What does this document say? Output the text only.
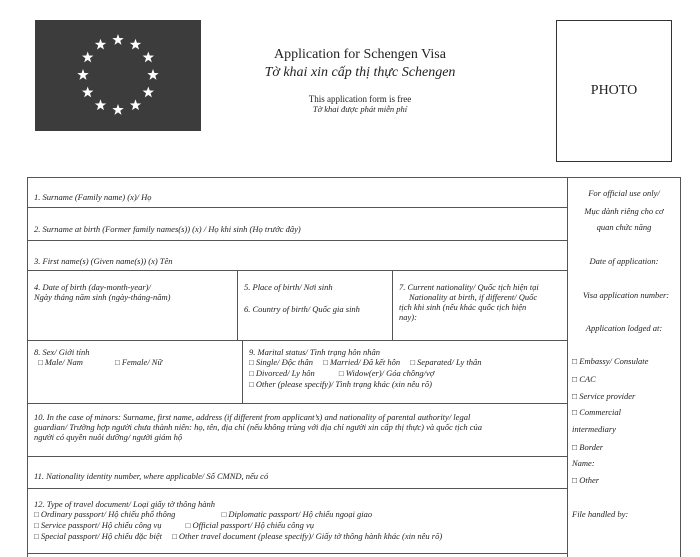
Application for Schengen Visa
Tờ khai xin cấp thị thực Schengen
This application form is free
Tờ khai được phát miễn phí
PHOTO
1. Surname (Family name) (x)/ Họ
2. Surname at birth (Former family names(s)) (x) / Họ khi sinh (Họ trước đây)
3. First name(s) (Given name(s)) (x) Tên
4. Date of birth (day-month-year)/
Ngày tháng năm sinh (ngày-tháng-năm)
5. Place of birth/ Nơi sinh
6. Country of birth/ Quốc gia sinh
7. Current nationality/ Quốc tịch hiện tại
Nationality at birth, if different/ Quốc
tịch khi sinh (nếu khác quốc tịch hiện
nay):
8. Sex/ Giới tính
□ Male/ Nam	□ Female/ Nữ
9. Marital status/ Tình trạng hôn nhân
□ Single/ Độc thân □ Married/ Đã kết hôn □ Separated/ Ly thân
□ Divorced/ Ly hôn	□ Widow(er)/ Góa chồng/vợ
□ Other (please specify)/ Tình trạng khác (xin nêu rõ)
10. In the case of minors: Surname, first name, address (if different from applicant’s) and nationality of parental authority/ legal
guardian/ Trường hợp người chưa thành niên: họ, tên, địa chỉ (nếu không trùng với địa chỉ người xin cấp thị thực) và quốc tịch của
người có quyền nuôi dưỡng/ người giám hộ
11. Nationality identity number, where applicable/ Số CMND, nếu có
12. Type of travel document/ Loại giấy tờ thông hành
□ Ordinary passport/ Hộ chiếu phổ thông	□ Diplomatic passport/ Hộ chiếu ngoại giao
□ Service passport/ Hộ chiếu công vụ	□ Official passport/ Hộ chiếu công vụ
□ Special passport/ Hộ chiếu đặc biệt □ Other travel document (please specify)/ Giấy tờ thông hành khác (xin nêu rõ)
For official use only/
Mục dành riêng cho cơ
quan chức năng
Date of application:
Visa application number:
Application lodged at:
□ Embassy/ Consulate
□ CAC
□ Service provider
□ Commercial
intermediary
□ Border
Name:
□ Other
File handled by:
